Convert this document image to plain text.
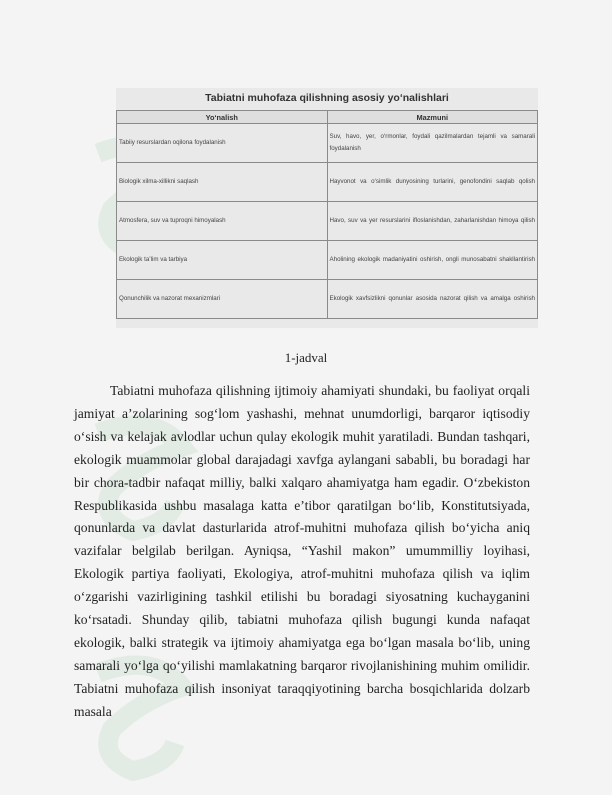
Tabiatni muhofaza qilishning asosiy yo‘nalishlari
Yo‘nalish	Mazmuni
Tabiiy resurslardan oqilona foydalanish	Suv, havo, yer, o‘rmonlar, foydali qazilmalardan tejamli va samarali foydalanish
Biologik xilma-xillikni saqlash	Hayvonot va o‘simlik dunyosining turlarini, genofondini saqlab qolish
Atmosfera, suv va tuproqni himoyalash	Havo, suv va yer resurslarini ifloslanishdan, zaharlanishdan himoya qilish
Ekologik ta’lim va tarbiya	Aholining ekologik madaniyatini oshirish, ongli munosabatni shakllantirish
Qonunchilik va nazorat mexanizmlari	Ekologik xavfsizlikni qonunlar asosida nazorat qilish va amalga oshirish
1-jadval

Tabiatni muhofaza qilishning ijtimoiy ahamiyati shundaki, bu faoliyat orqali jamiyat a’zolarining sog‘lom yashashi, mehnat unumdorligi, barqaror iqtisodiy o‘sish va kelajak avlodlar uchun qulay ekologik muhit yaratiladi. Bundan tashqari, ekologik muammolar global darajadagi xavfga aylangani sababli, bu boradagi har bir chora-tadbir nafaqat milliy, balki xalqaro ahamiyatga ham egadir. O‘zbekiston Respublikasida ushbu masalaga katta e’tibor qaratilgan bo‘lib, Konstitutsiyada, qonunlarda va davlat dasturlarida atrof-muhitni muhofaza qilish bo‘yicha aniq vazifalar belgilab berilgan. Ayniqsa, “Yashil makon” umummilliy loyihasi, Ekologik partiya faoliyati, Ekologiya, atrof-muhitni muhofaza qilish va iqlim o‘zgarishi vazirligining tashkil etilishi bu boradagi siyosatning kuchayganini ko‘rsatadi. Shunday qilib, tabiatni muhofaza qilish bugungi kunda nafaqat ekologik, balki strategik va ijtimoiy ahamiyatga ega bo‘lgan masala bo‘lib, uning samarali yo‘lga qo‘yilishi mamlakatning barqaror rivojlanishining muhim omilidir. Tabiatni muhofaza qilish insoniyat taraqqiyotining barcha bosqichlarida dolzarb masala
